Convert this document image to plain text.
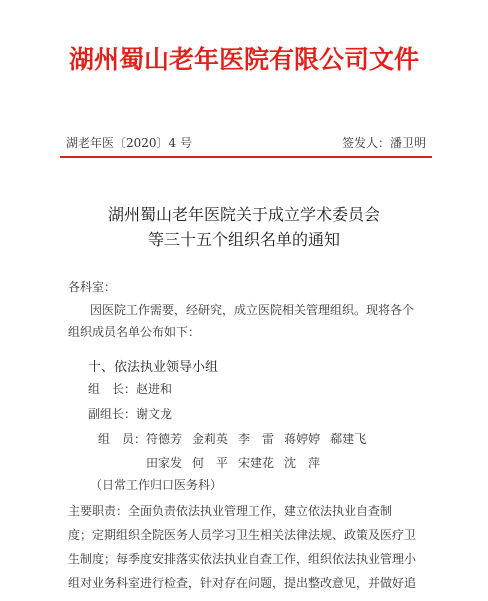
湖州蜀山老年医院有限公司文件
湖老年医〔2020〕4 号	签发人：潘卫明
湖州蜀山老年医院关于成立学术委员会
等三十五个组织名单的通知
各科室：
因医院工作需要，经研究，成立医院相关管理组织。现将各个
组织成员名单公布如下：
十、依法执业领导小组
组　长：赵进和
副组长：谢文龙
组　员：符德芳 金莉英 李　雷 蒋婷婷 郗建飞
田家发 何　平 宋建花 沈　萍
（日常工作归口医务科）
主要职责：全面负责依法执业管理工作，建立依法执业自查制
度；定期组织全院医务人员学习卫生相关法律法规、政策及医疗卫
生制度；每季度安排落实依法执业自查工作，组织依法执业管理小
组对业务科室进行检查，针对存在问题，提出整改意见，并做好追
